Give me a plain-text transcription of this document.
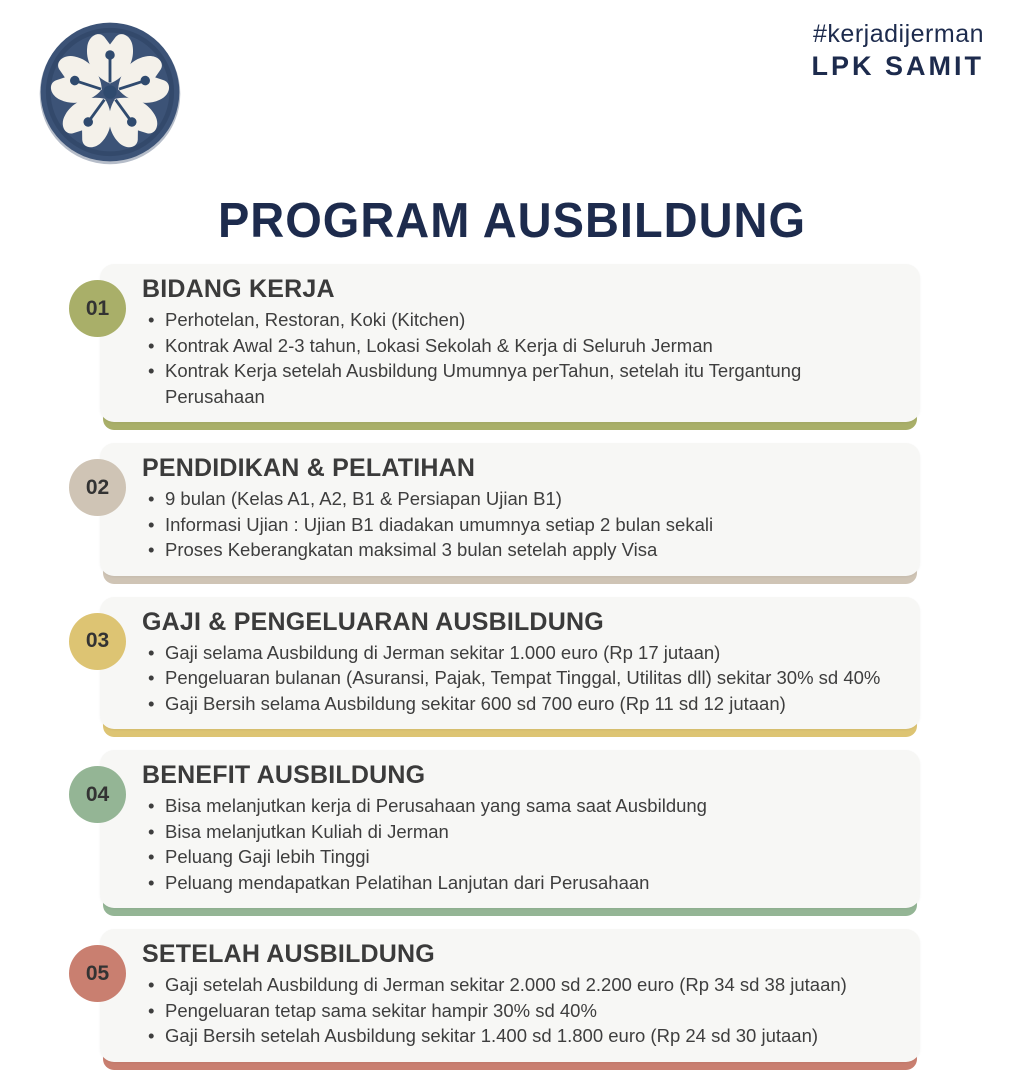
#kerjadijerman
LPK SAMIT
PROGRAM AUSBILDUNG
01
BIDANG KERJA
• Perhotelan, Restoran, Koki (Kitchen)
• Kontrak Awal 2-3 tahun, Lokasi Sekolah & Kerja di Seluruh Jerman
• Kontrak Kerja setelah Ausbildung Umumnya perTahun, setelah itu Tergantung Perusahaan
02
PENDIDIKAN & PELATIHAN
• 9 bulan (Kelas A1, A2, B1 & Persiapan Ujian B1)
• Informasi Ujian : Ujian B1 diadakan umumnya setiap 2 bulan sekali
• Proses Keberangkatan maksimal 3 bulan setelah apply Visa
03
GAJI & PENGELUARAN AUSBILDUNG
• Gaji selama Ausbildung di Jerman sekitar 1.000 euro (Rp 17 jutaan)
• Pengeluaran bulanan (Asuransi, Pajak, Tempat Tinggal, Utilitas dll) sekitar 30% sd 40%
• Gaji Bersih selama Ausbildung sekitar 600 sd 700 euro (Rp 11 sd 12 jutaan)
04
BENEFIT AUSBILDUNG
• Bisa melanjutkan kerja di Perusahaan yang sama saat Ausbildung
• Bisa melanjutkan Kuliah di Jerman
• Peluang Gaji lebih Tinggi
• Peluang mendapatkan Pelatihan Lanjutan dari Perusahaan
05
SETELAH AUSBILDUNG
• Gaji setelah Ausbildung di Jerman sekitar 2.000 sd 2.200 euro (Rp 34 sd 38 jutaan)
• Pengeluaran tetap sama sekitar hampir 30% sd 40%
• Gaji Bersih setelah Ausbildung sekitar 1.400 sd 1.800 euro (Rp 24 sd 30 jutaan)
